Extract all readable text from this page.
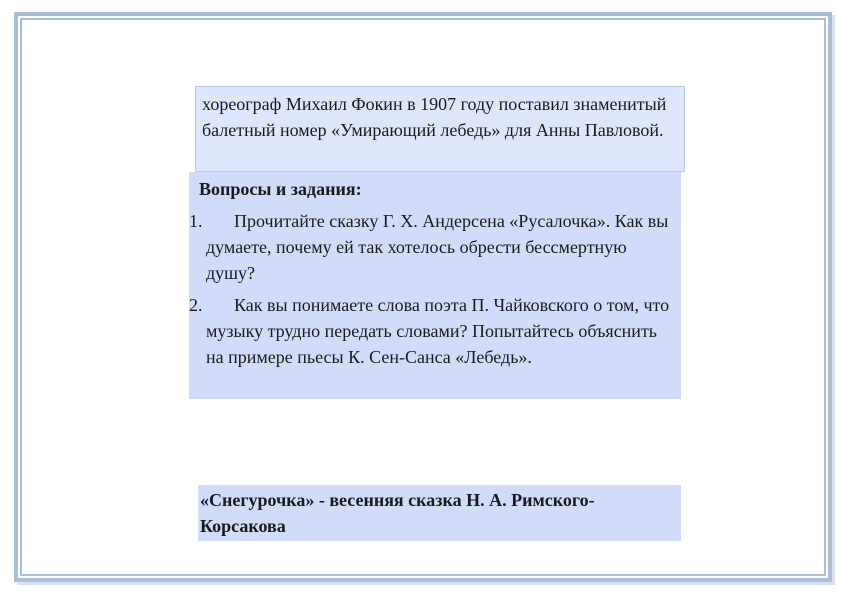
хореограф Михаил Фокин в 1907 году поставил знаменитый балетный номер «Умирающий лебедь» для Анны Павловой.

Вопросы и задания:
1.	Прочитайте сказку Г. Х. Андерсена «Русалочка». Как вы думаете, почему ей так хотелось обрести бессмертную душу?
2.	Как вы понимаете слова поэта П. Чайковского о том, что музыку трудно передать словами? Попытайтесь объяснить на примере пьесы К. Сен-Санса «Лебедь».

«Снегурочка» - весенняя сказка Н. А. Римского-Корсакова
